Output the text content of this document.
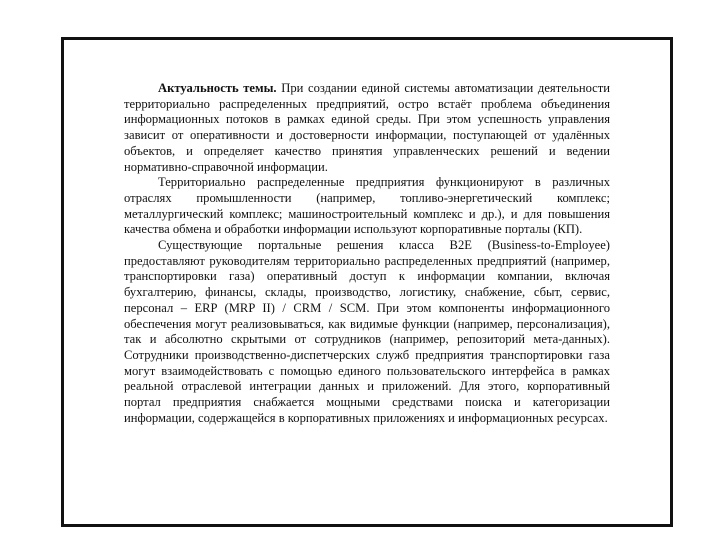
Актуальность темы. При создании единой системы автоматизации деятельности территориально распределенных предприятий, остро встаёт проблема объединения информационных потоков в рамках единой среды. При этом успешность управления зависит от оперативности и достоверности информации, поступающей от удалённых объектов, и определяет качество принятия управленческих решений и ведении нормативно-справочной информации.

Территориально распределенные предприятия функционируют в различных отраслях промышленности (например, топливо-энергетический комплекс; металлургический комплекс; машиностроительный комплекс и др.), и для повышения качества обмена и обработки информации используют корпоративные порталы (КП).

Существующие портальные решения класса B2E (Business-to-Employee) предоставляют руководителям территориально распределенных предприятий (например, транспортировки газа) оперативный доступ к информации компании, включая бухгалтерию, финансы, склады, производство, логистику, снабжение, сбыт, сервис, персонал – ERP (MRP II) / CRM / SCM. При этом компоненты информационного обеспечения могут реализовываться, как видимые функции (например, персонализация), так и абсолютно скрытыми от сотрудников (например, репозиторий мета-данных). Сотрудники производственно-диспетчерских служб предприятия транспортировки газа могут взаимодействовать с помощью единого пользовательского интерфейса в рамках реальной отраслевой интеграции данных и приложений. Для этого, корпоративный портал предприятия снабжается мощными средствами поиска и категоризации информации, содержащейся в корпоративных приложениях и информационных ресурсах.
